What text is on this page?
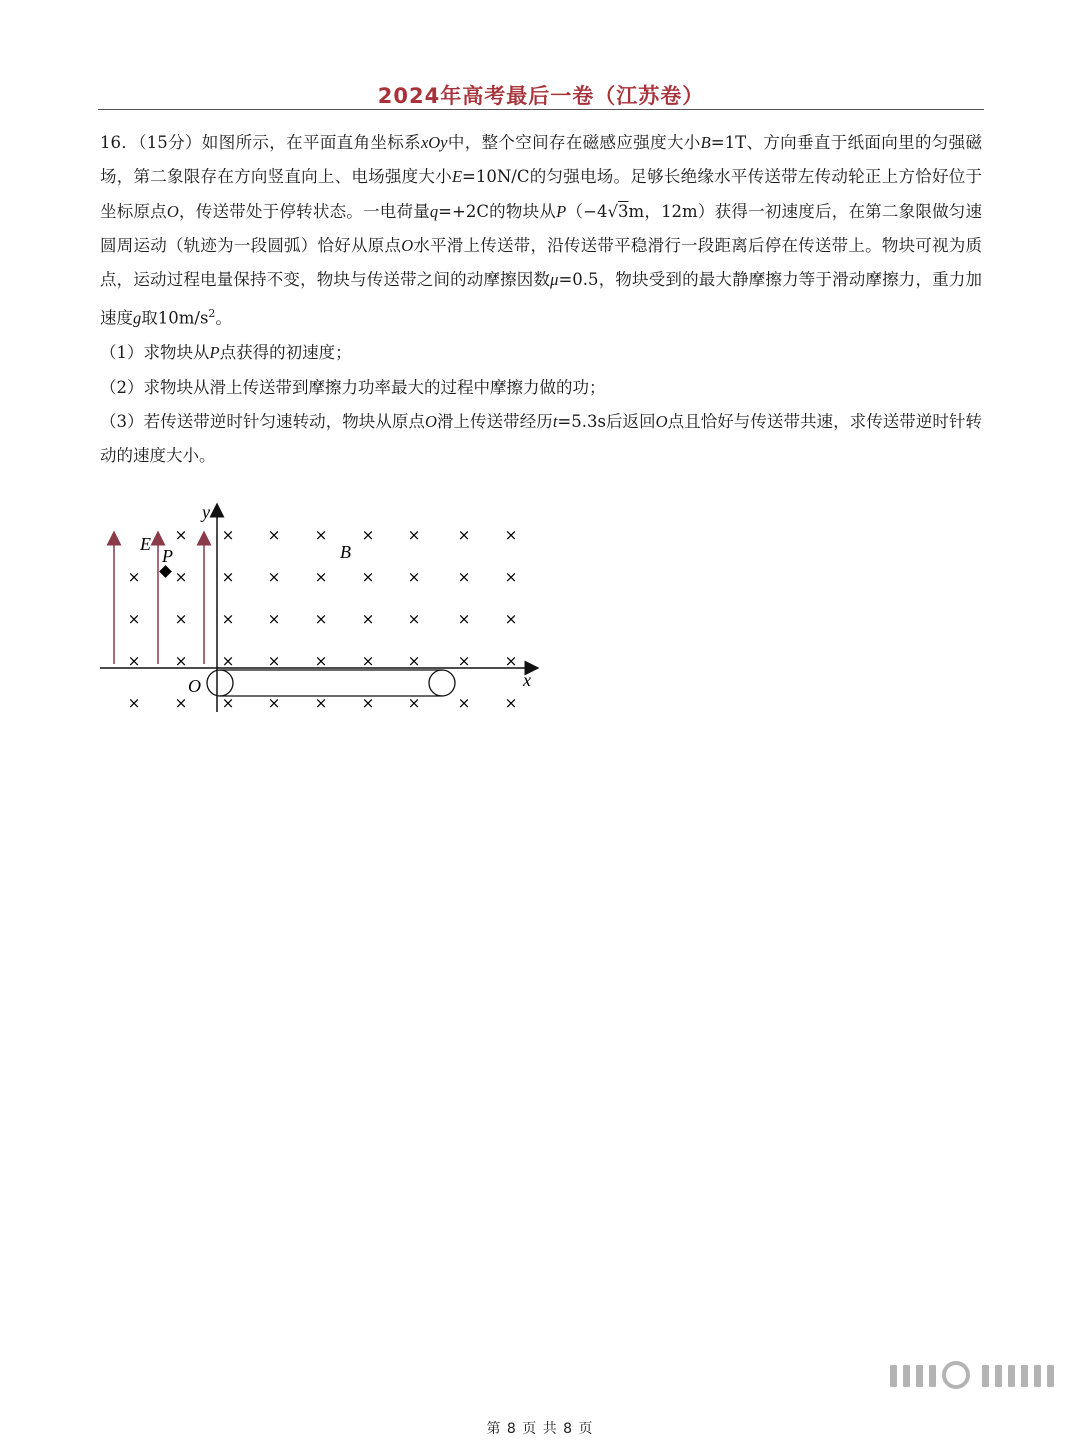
2024年高考最后一卷（江苏卷）

16．（15分）如图所示，在平面直角坐标系xOy中，整个空间存在磁感应强度大小B=1T、方向垂直于纸面向里的匀强磁场，第二象限存在方向竖直向上、电场强度大小E=10N/C的匀强电场。足够长绝缘水平传送带左传动轮正上方恰好位于坐标原点O，传送带处于停转状态。一电荷量q=+2C的物块从P（−4√3m，12m）获得一初速度后，在第二象限做匀速圆周运动（轨迹为一段圆弧）恰好从原点O水平滑上传送带，沿传送带平稳滑行一段距离后停在传送带上。物块可视为质点，运动过程电量保持不变，物块与传送带之间的动摩擦因数μ=0.5，物块受到的最大静摩擦力等于滑动摩擦力，重力加速度g取$10m/s^2$。

（1）求物块从P点获得的初速度；

（2）求物块从滑上传送带到摩擦力功率最大的过程中摩擦力做的功；

（3）若传送带逆时针匀速转动，物块从原点O滑上传送带经历t=5.3s后返回O点且恰好与传送带共速，求传送带逆时针转动的速度大小。

y
x
O
E
P	B
× × × × × × × ×
× × × × × × × × ×
× × × × × × × × ×
× × × × × × × × ×
× × × × × × × × ×
第 8 页 共 8 页
